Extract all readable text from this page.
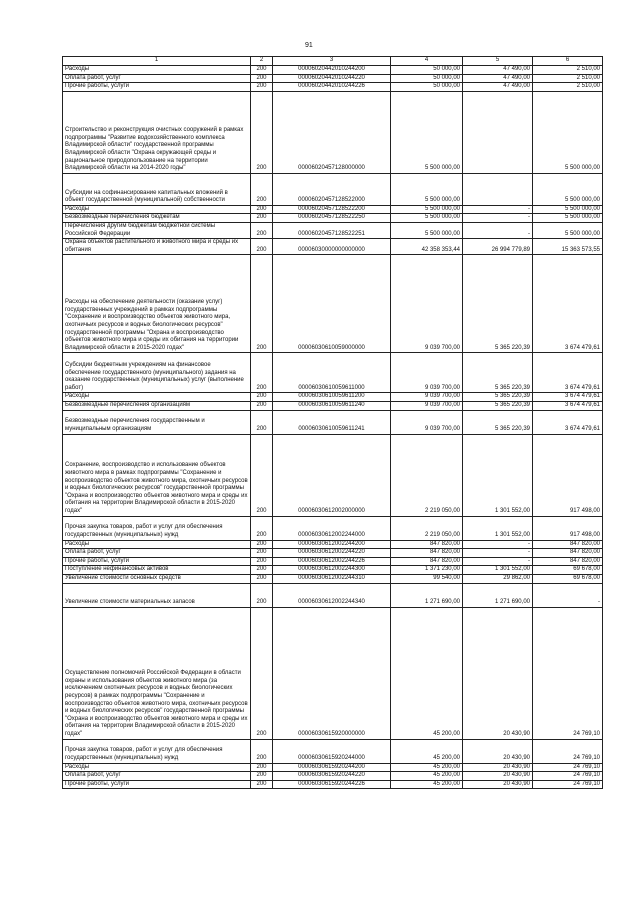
91
1	2	3	4	5	6
Расходы	200	00006020442010244200	50 000,00	47 490,00	2 510,00
Оплата работ, услуг	200	00006020442010244220	50 000,00	47 490,00	2 510,00
Прочие работы, услуги	200	00006020442010244226	50 000,00	47 490,00	2 510,00
Строительство и реконструкция очистных сооружений в рамках подпрограммы "Развитие водохозяйственного комплекса Владимирской области" государственной программы Владимирской области "Охрана окружающей среды и рациональное природопользование на территории Владимирской области на 2014-2020 годы"	200	00006020457128000000	5 500 000,00		5 500 000,00
Субсидии на софинансирование капитальных вложений в объект государственной (муниципальной) собственности	200	00006020457128522000	5 500 000,00		5 500 000,00
Расходы	200	00006020457128522200	5 500 000,00	-	5 500 000,00
Безвозмездные перечисления бюджетам	200	00006020457128522250	5 500 000,00	-	5 500 000,00
Перечисления другим бюджетам бюджетной системы Российской Федерации	200	00006020457128522251	5 500 000,00	-	5 500 000,00
Охрана объектов растительного и животного мира и среды их обитания	200	00006030000000000000	42 358 353,44	26 994 779,89	15 363 573,55
Расходы на обеспечение деятельности (оказание услуг) государственных учреждений в рамках подпрограммы "Сохранение и воспроизводство объектов животного мира, охотничьих ресурсов и водных биологических ресурсов" государственной программы "Охрана и воспроизводство объектов животного мира и среды их обитания на территории Владимирской области в 2015-2020 годах"	200	00006030610059000000	9 039 700,00	5 365 220,39	3 674 479,61
Субсидии бюджетным учреждениям на финансовое обеспечение государственного (муниципального) задания на оказание государственных (муниципальных) услуг (выполнение работ)	200	00006030610059611000	9 039 700,00	5 365 220,39	3 674 479,61
Расходы	200	00006030610059611200	9 039 700,00	5 365 220,39	3 674 479,61
Безвозмездные перечисления организациям	200	00006030610059611240	9 039 700,00	5 365 220,39	3 674 479,61
Безвозмездные перечисления государственным и муниципальным организациям	200	00006030610059611241	9 039 700,00	5 365 220,39	3 674 479,61
Сохранение, воспроизводство и использование объектов животного мира в рамках подпрограммы "Сохранение и воспроизводство объектов животного мира, охотничьих ресурсов и водных биологических ресурсов" государственной программы "Охрана и воспроизводство объектов животного мира и среды их обитания на территории Владимирской области в 2015-2020 годах"	200	00006030612002000000	2 219 050,00	1 301 552,00	917 498,00
Прочая закупка товаров, работ и услуг для обеспечения государственных (муниципальных) нужд	200	00006030612002244000	2 219 050,00	1 301 552,00	917 498,00
Расходы	200	00006030612002244200	847 820,00	-	847 820,00
Оплата работ, услуг	200	00006030612002244220	847 820,00	-	847 820,00
Прочие работы, услуги	200	00006030612002244226	847 820,00	-	847 820,00
Поступление нефинансовых активов	200	00006030612002244300	1 371 230,00	1 301 552,00	69 678,00
Увеличение стоимости основных средств	200	00006030612002244310	99 540,00	29 862,00	69 678,00
Увеличение стоимости материальных запасов	200	00006030612002244340	1 271 690,00	1 271 690,00	-
Осуществление полномочий Российской Федерации в области охраны и использования объектов животного мира (за исключением охотничьих ресурсов и водных биологических ресурсов) в рамках подпрограммы "Сохранение и воспроизводство объектов животного мира, охотничьих ресурсов и водных биологических ресурсов" государственной программы "Охрана и воспроизводство объектов животного мира и среды их обитания на территории Владимирской области в 2015-2020 годах"	200	00006030615920000000	45 200,00	20 430,90	24 769,10
Прочая закупка товаров, работ и услуг для обеспечения государственных (муниципальных) нужд	200	00006030615920244000	45 200,00	20 430,90	24 769,10
Расходы	200	00006030615920244200	45 200,00	20 430,90	24 769,10
Оплата работ, услуг	200	00006030615920244220	45 200,00	20 430,90	24 769,10
Прочие работы, услуги	200	00006030615920244226	45 200,00	20 430,90	24 769,10
